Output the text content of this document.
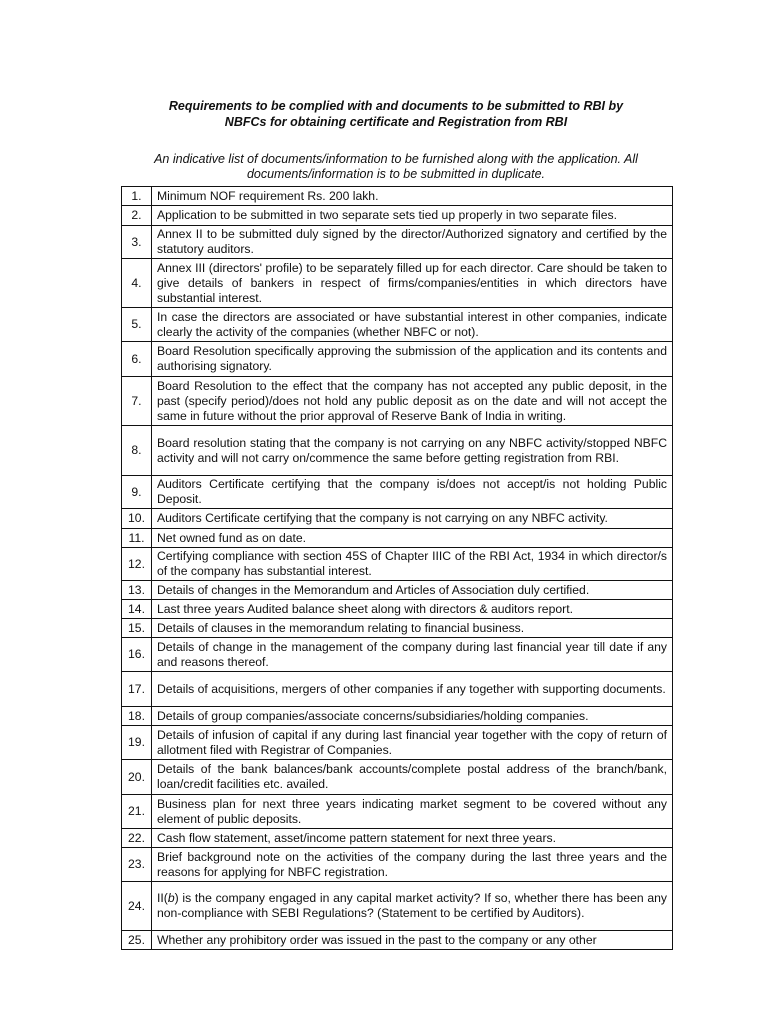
Requirements to be complied with and documents to be submitted to RBI by
NBFCs for obtaining certificate and Registration from RBI
An indicative list of documents/information to be furnished along with the application. All
documents/information is to be submitted in duplicate.
1.	Minimum NOF requirement Rs. 200 lakh.
2.	Application to be submitted in two separate sets tied up properly in two separate files.
3.	Annex II to be submitted duly signed by the director/Authorized signatory and certified by the statutory auditors.
4.	Annex III (directors' profile) to be separately filled up for each director. Care should be taken to give details of bankers in respect of firms/companies/entities in which directors have substantial interest.
5.	In case the directors are associated or have substantial interest in other companies, indicate clearly the activity of the companies (whether NBFC or not).
6.	Board Resolution specifically approving the submission of the application and its contents and authorising signatory.
7.	Board Resolution to the effect that the company has not accepted any public deposit, in the past (specify period)/does not hold any public deposit as on the date and will not accept the same in future without the prior approval of Reserve Bank of India in writing.
8.	Board resolution stating that the company is not carrying on any NBFC activity/stopped NBFC activity and will not carry on/commence the same before getting registration from RBI.
9.	Auditors Certificate certifying that the company is/does not accept/is not holding Public Deposit.
10.	Auditors Certificate certifying that the company is not carrying on any NBFC activity.
11.	Net owned fund as on date.
12.	Certifying compliance with section 45S of Chapter IIIC of the RBI Act, 1934 in which director/s of the company has substantial interest.
13.	Details of changes in the Memorandum and Articles of Association duly certified.
14.	Last three years Audited balance sheet along with directors & auditors report.
15.	Details of clauses in the memorandum relating to financial business.
16.	Details of change in the management of the company during last financial year till date if any and reasons thereof.
17.	Details of acquisitions, mergers of other companies if any together with supporting documents.
18.	Details of group companies/associate concerns/subsidiaries/holding companies.
19.	Details of infusion of capital if any during last financial year together with the copy of return of allotment filed with Registrar of Companies.
20.	Details of the bank balances/bank accounts/complete postal address of the branch/bank, loan/credit facilities etc. availed.
21.	Business plan for next three years indicating market segment to be covered without any element of public deposits.
22.	Cash flow statement, asset/income pattern statement for next three years.
23.	Brief background note on the activities of the company during the last three years and the reasons for applying for NBFC registration.
24.	II(b) is the company engaged in any capital market activity? If so, whether there has been any non-compliance with SEBI Regulations? (Statement to be certified by Auditors).
25.	Whether any prohibitory order was issued in the past to the company or any other
